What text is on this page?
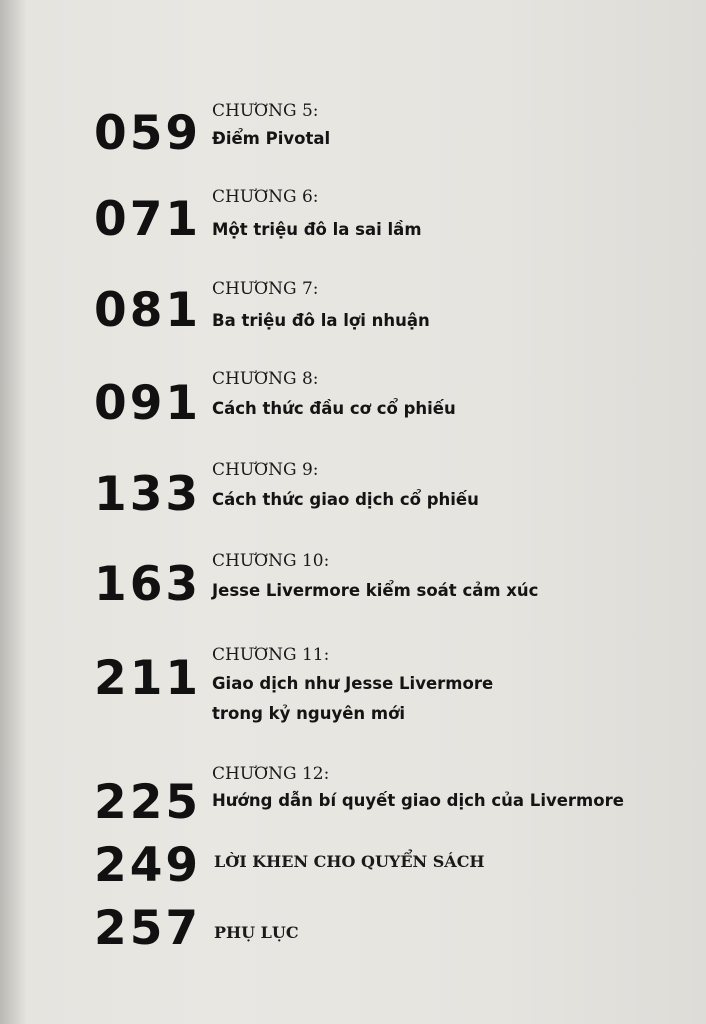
059 CHƯƠNG 5:
Điểm Pivotal
071 CHƯƠNG 6:
Một triệu đô la sai lầm
081 CHƯƠNG 7:
Ba triệu đô la lợi nhuận
091 CHƯƠNG 8:
Cách thức đầu cơ cổ phiếu
133 CHƯƠNG 9:
Cách thức giao dịch cổ phiếu
163 CHƯƠNG 10:
Jesse Livermore kiểm soát cảm xúc
211 CHƯƠNG 11:
Giao dịch như Jesse Livermore
trong kỷ nguyên mới
225
CHƯƠNG 12:
Hướng dẫn bí quyết giao dịch của Livermore
249 LỜI KHEN CHO QUYỂN SÁCH
257 PHỤ LỤC
